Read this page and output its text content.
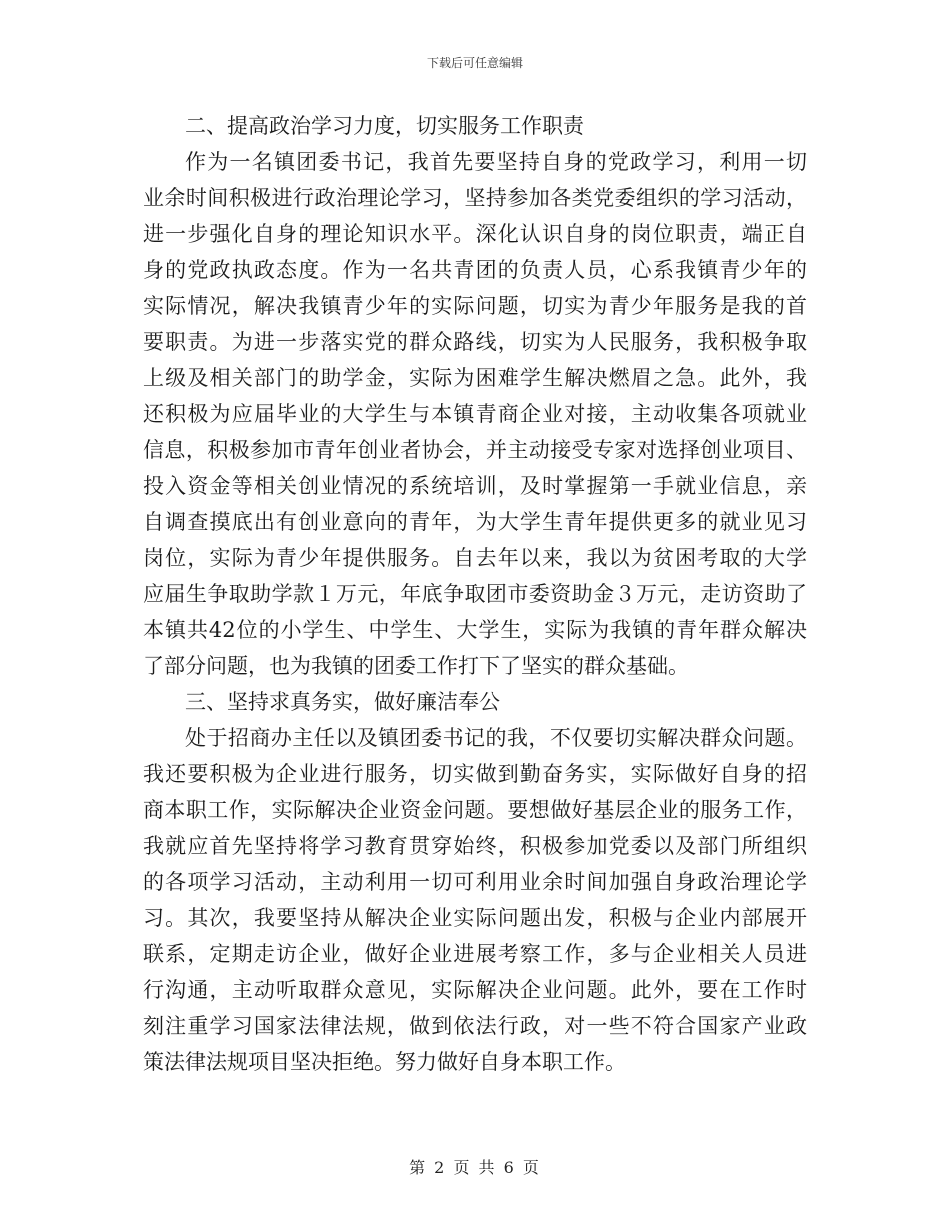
下载后可任意编辑
二、提高政治学习力度，切实服务工作职责
作为一名镇团委书记，我首先要坚持自身的党政学习，利用一切
业余时间积极进行政治理论学习，坚持参加各类党委组织的学习活动，
进一步强化自身的理论知识水平。深化认识自身的岗位职责，端正自
身的党政执政态度。作为一名共青团的负责人员，心系我镇青少年的
实际情况，解决我镇青少年的实际问题，切实为青少年服务是我的首
要职责。为进一步落实党的群众路线，切实为人民服务，我积极争取
上级及相关部门的助学金，实际为困难学生解决燃眉之急。此外，我
还积极为应届毕业的大学生与本镇青商企业对接，主动收集各项就业
信息，积极参加市青年创业者协会，并主动接受专家对选择创业项目、
投入资金等相关创业情况的系统培训，及时掌握第一手就业信息，亲
自调查摸底出有创业意向的青年，为大学生青年提供更多的就业见习
岗位，实际为青少年提供服务。自去年以来，我以为贫困考取的大学
应届生争取助学款１万元，年底争取团市委资助金３万元，走访资助了
本镇共42位的小学生、中学生、大学生，实际为我镇的青年群众解决
了部分问题，也为我镇的团委工作打下了坚实的群众基础。
三、坚持求真务实，做好廉洁奉公
处于招商办主任以及镇团委书记的我，不仅要切实解决群众问题。
我还要积极为企业进行服务，切实做到勤奋务实，实际做好自身的招
商本职工作，实际解决企业资金问题。要想做好基层企业的服务工作，
我就应首先坚持将学习教育贯穿始终，积极参加党委以及部门所组织
的各项学习活动，主动利用一切可利用业余时间加强自身政治理论学
习。其次，我要坚持从解决企业实际问题出发，积极与企业内部展开
联系，定期走访企业，做好企业进展考察工作，多与企业相关人员进
行沟通，主动听取群众意见，实际解决企业问题。此外，要在工作时
刻注重学习国家法律法规，做到依法行政，对一些不符合国家产业政
策法律法规项目坚决拒绝。努力做好自身本职工作。
第 2 页 共 6 页
